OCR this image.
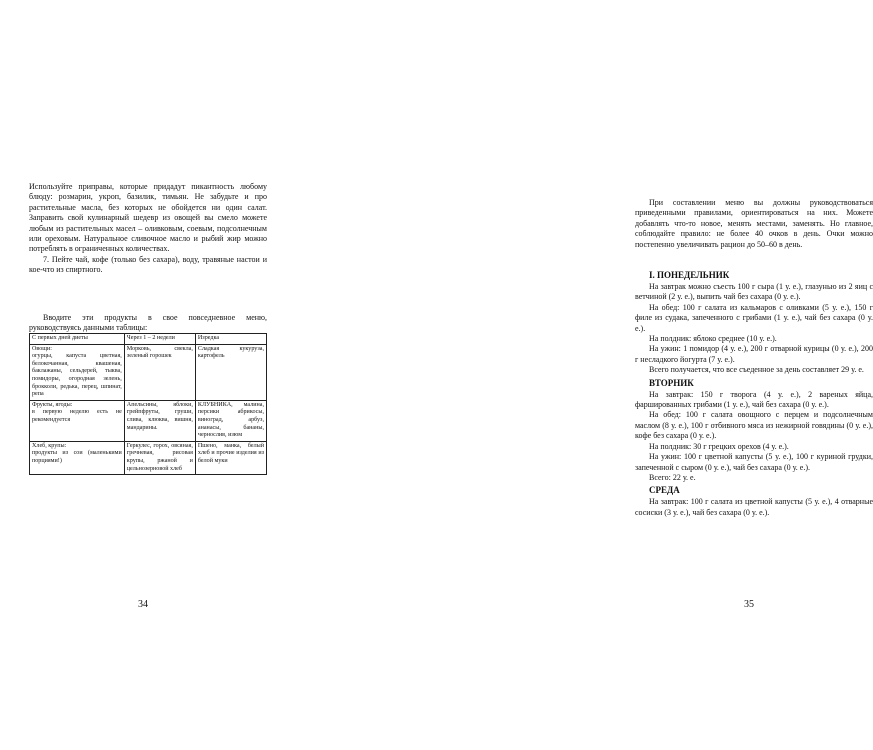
Используйте приправы, которые придадут пикантность любому блюду: розмарин, укроп, базилик, тимьян. Не забудьте и про растительные масла, без которых не обойдется ни один салат. Заправить свой кулинарный шедевр из овощей вы смело можете любым из растительных масел – оливковым, соевым, подсолнечным или ореховым. Натуральное сливочное масло и рыбий жир можно потреблять в ограниченных количествах.

7. Пейте чай, кофе (только без сахара), воду, травяные настои и кое-что из спиртного.

Вводите эти продукты в свое повседневное меню, руководствуясь данными таблицы:

С первых дней диеты	Через 1 – 2 недели	Изредка

Овощи:
огурцы, капуста цветная, белокочанная, квашеная, баклажаны, сельдерей, тыква, помидоры, огородная зелень, брокколи, редька, перец, шпинат, репа	Морковь, свекла, зеленый горошек	Сладкая кукуруза, картофель

Фрукты, ягоды:
в первую неделю есть не рекомендуется	Апельсины, яблоки, грейпфруты, груши, слива, клюква, вишня, мандарины.	КЛУБНИКА, малина, персики абрикосы, виноград, арбуз, ананасы, бананы, чернослив, изюм

Хлеб, крупы:
продукты из сои (маленькими порциями!)	Геркулес, горох, овсяная, гречневая, рисовая крупы, ржаной и цельнозерновой хлеб	Пшено, манка, белый хлеб и прочие изделия из белой муки
34

При составлении меню вы должны руководствоваться приведенными правилами, ориентироваться на них. Можете добавлять что-то новое, менять местами, заменять. Но главное, соблюдайте правило: не более 40 очков в день. Очки можно постепенно увеличивать рацион до 50–60 в день.

I. ПОНЕДЕЛЬНИК

На завтрак можно съесть 100 г сыра (1 у. е.), глазунью из 2 яиц с ветчиной (2 у. е.), выпить чай без сахара (0 у. е.).

На обед: 100 г салата из кальмаров с оливками (5 у. е.), 150 г филе из судака, запеченного с грибами (1 у. е.), чай без сахара (0 у. е.).

На полдник: яблоко среднее (10 у. е.).

На ужин: 1 помидор (4 у. е.), 200 г отварной курицы (0 у. е.), 200 г несладкого йогурта (7 у. е.).

Всего получается, что все съеденное за день составляет 29 у. е.

ВТОРНИК

На завтрак: 150 г творога (4 у. е.), 2 вареных яйца, фаршированных грибами (1 у. е.), чай без сахара (0 у. е.).

На обед: 100 г салата овощного с перцем и подсолнечным маслом (8 у. е.), 100 г отбивного мяса из нежирной говядины (0 у. е.), кофе без сахара (0 у. е.).

На полдник: 30 г грецких орехов (4 у. е.).

На ужин: 100 г цветной капусты (5 у. е.), 100 г куриной грудки, запеченной с сыром (0 у. е.), чай без сахара (0 у. е.).

Всего: 22 у. е.

СРЕДА

На завтрак: 100 г салата из цветной капусты (5 у. е.), 4 отварные сосиски (3 у. е.), чай без сахара (0 у. е.).

35
